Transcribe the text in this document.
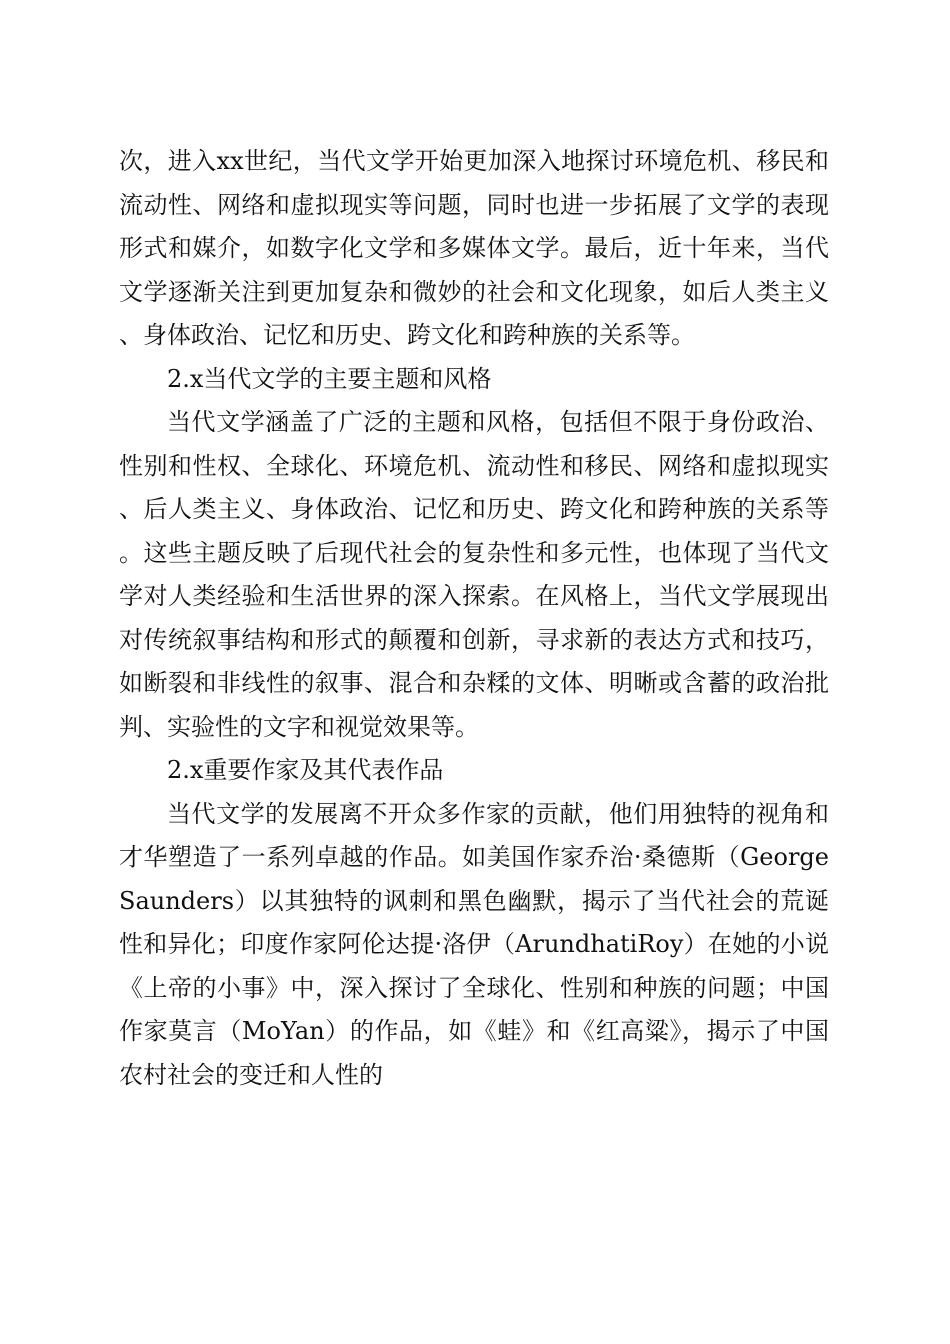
次，进入xx世纪，当代文学开始更加深入地探讨环境危机、移民和流动性、网络和虚拟现实等问题，同时也进一步拓展了文学的表现形式和媒介，如数字化文学和多媒体文学。最后，近十年来，当代文学逐渐关注到更加复杂和微妙的社会和文化现象，如后人类主义、身体政治、记忆和历史、跨文化和跨种族的关系等。

2.x当代文学的主要主题和风格

当代文学涵盖了广泛的主题和风格，包括但不限于身份政治、性别和性权、全球化、环境危机、流动性和移民、网络和虚拟现实、后人类主义、身体政治、记忆和历史、跨文化和跨种族的关系等。这些主题反映了后现代社会的复杂性和多元性，也体现了当代文学对人类经验和生活世界的深入探索。在风格上，当代文学展现出对传统叙事结构和形式的颠覆和创新，寻求新的表达方式和技巧，如断裂和非线性的叙事、混合和杂糅的文体、明晰或含蓄的政治批判、实验性的文字和视觉效果等。

2.x重要作家及其代表作品

当代文学的发展离不开众多作家的贡献，他们用独特的视角和才华塑造了一系列卓越的作品。如美国作家乔治·桑德斯（GeorgeSaunders）以其独特的讽刺和黑色幽默，揭示了当代社会的荒诞性和异化；印度作家阿伦达提·洛伊（ArundhatiRoy）在她的小说《上帝的小事》中，深入探讨了全球化、性别和种族的问题；中国作家莫言（MoYan）的作品，如《蛙》和《红高粱》，揭示了中国农村社会的变迁和人性的
